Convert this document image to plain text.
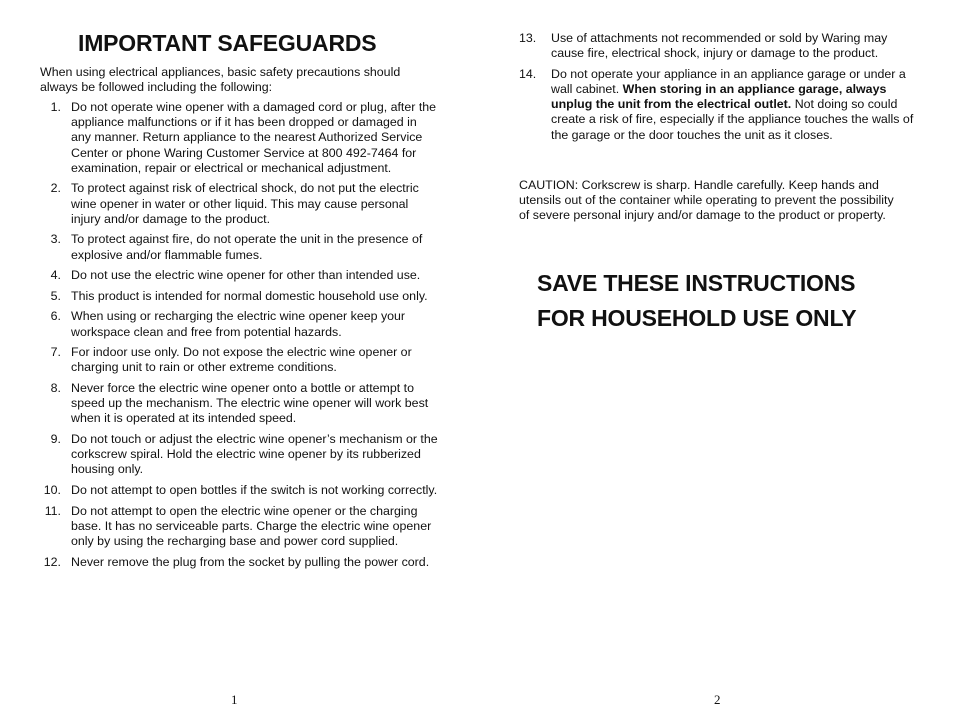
IMPORTANT SAFEGUARDS

When using electrical appliances, basic safety precautions should always be followed including the following:

1. Do not operate wine opener with a damaged cord or plug, after the appliance malfunctions or if it has been dropped or damaged in any manner. Return appliance to the nearest Authorized Service Center or phone Waring Customer Service at 800 492-7464 for examination, repair or electrical or mechanical adjustment.
2. To protect against risk of electrical shock, do not put the electric wine opener in water or other liquid. This may cause personal injury and/or damage to the product.
3. To protect against fire, do not operate the unit in the presence of explosive and/or flammable fumes.
4. Do not use the electric wine opener for other than intended use.
5. This product is intended for normal domestic household use only.
6. When using or recharging the electric wine opener keep your workspace clean and free from potential hazards.
7. For indoor use only. Do not expose the electric wine opener or charging unit to rain or other extreme conditions.
8. Never force the electric wine opener onto a bottle or attempt to speed up the mechanism. The electric wine opener will work best when it is operated at its intended speed.
9. Do not touch or adjust the electric wine opener’s mechanism or the corkscrew spiral. Hold the electric wine opener by its rubberized housing only.
10. Do not attempt to open bottles if the switch is not working correctly.
11. Do not attempt to open the electric wine opener or the charging base. It has no serviceable parts. Charge the electric wine opener only by using the recharging base and power cord supplied.
12. Never remove the plug from the socket by pulling the power cord.
1
13. Use of attachments not recommended or sold by Waring may cause fire, electrical shock, injury or damage to the product.
14. Do not operate your appliance in an appliance garage or under a wall cabinet. When storing in an appliance garage, always unplug the unit from the electrical outlet. Not doing so could create a risk of fire, especially if the appliance touches the walls of the garage or the door touches the unit as it closes.

CAUTION: Corkscrew is sharp. Handle carefully. Keep hands and utensils out of the container while operating to prevent the possibility of severe personal injury and/or damage to the product or property.

SAVE THESE INSTRUCTIONS
FOR HOUSEHOLD USE ONLY
2
